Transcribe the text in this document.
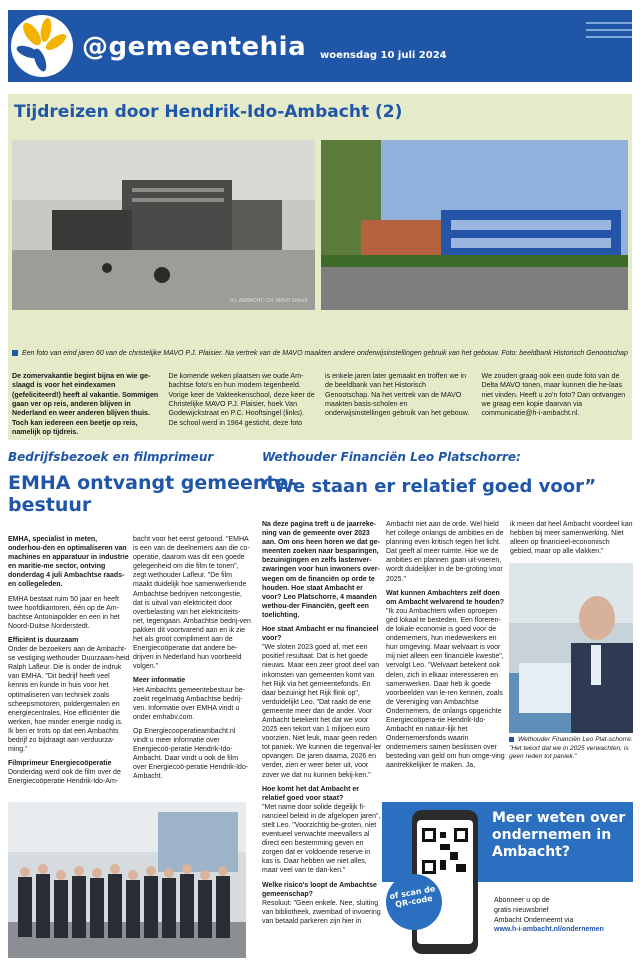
@gemeentehia woensdag 10 juli 2024
Tijdreizen door Hendrik-Ido-Ambacht (2)
H.I. AMBACHT, Chr. MAVO School
Een foto van eind jaren 60 van de christelijke MAVO P.J. Plaisier. Na vertrek van de MAVO maakten andere onderwijsinstellingen gebruik van het gebouw. Foto: beeldbank Historisch Genootschap
De zomervakantie begint bijna en wie ge-slaagd is voor het eindexamen (gefeliciteerd!) heeft al vakantie. Sommigen gaan ver op reis, anderen blijven in Nederland en weer anderen blijven thuis. Toch kan iedereen een beetje op reis, namelijk op tijdreis.
De komende weken plaatsen we oude Am-bachtse foto's en hun modern tegenbeeld. Vorige keer de Vakteekenschool, deze keer de Christelijke MAVO P.J. Plaisier, hoek Van Godewijckstraat en P.C. Hooftsingel (links). De school werd in 1964 gesticht, deze foto
is enkele jaren later gemaakt en troffen we in de beeldbank van het Historisch Genootschap. Na het vertrek van de MAVO maakten basis-scholen en onderwijsinstellingen gebruik van het gebouw.
We zouden graag ook een oude foto van de Delta MAVO tonen, maar kunnen die he-laas niet vinden. Heeft u zo'n foto? Dan ontvangen we graag een kopie daarvan via communicatie@h-i-ambacht.nl.
Bedrijfsbezoek en filmprimeur
EMHA ontvangt gemeente-
bestuur

EMHA, specialist in meten, onderhou-den en optimaliseren van machines en apparatuur in industrie en maritie-me sector, ontving donderdag 4 juli Ambachtse raads- en collegeleden.

EMHA bestaat ruim 50 jaar en heeft twee hoofdkantoren, één op de Am-bachtse Antoniapolder en een in het Noord-Duitse Norderstedt.

Efficiënt is duurzaam

Onder de bezoekers aan de Ambacht-se vestiging wethouder Duurzaam-heid Ralph Lafleur. Die is onder de indruk van EMHA. "Dit bedrijf heeft veel kennis en kunde in huis voor het optimaliseren van techniek zoals scheepsmotoren, poldergemalen en energiecentrales. Hoe efficiënter die werken, hoe minder energie nodig is. Ik ben er trots op dat een Ambachts bedrijf zo bijdraagt aan verduurza-ming."

Filmprimeur Energiecoöperatie

Donderdag werd ook de film over de Energiecoöperatie Hendrik-Ido-Am-

bacht voor het eerst getoond. "EMHA is een van de deelnemers aan die co-operatie, daarom was dit een goede gelegenheid om die film te tonen", zegt wethouder Lafleur. "De film maakt duidelijk hoe samenwerkende Ambachtse bedrijven netcongestie, dat is uitval van elektriciteit door overbelasting van het elektriciteits-net, tegengaan. Ambachtse bedrij-ven pakken dit voortvarend aan en ik zie het als groot compliment aan de Energiecoöperatie dat andere be-drijven in Nederland hun voorbeeld volgen."

Meer informatie

Het Ambachts gemeentebestuur be-zoekt regelmatig Ambachtse bedrij-ven. Informatie over EMHA vindt u onder emhabv.com.

Op Energiecooperatieambacht.nl vindt u meer informatie over Energiecoö-peratie Hendrik-Ido-Ambacht. Daar vindt u ook de film over Energiecoö-peratie Hendrik-Ido-Ambacht.

Wethouder Financiën Leo Platschorre:
“We staan er relatief goed voor”

Na deze pagina treft u de jaarreke-ning van de gemeente over 2023 aan. Om ons heen horen we dat ge-meenten zoeken naar besparingen, bezuinigingen en zelfs lastenver-zwaringen voor hun inwoners over-wegen om de financiën op orde te houden. Hoe staat Ambacht er voor? Leo Platschorre, 4 maanden wethou-der Financiën, geeft een toelichting.

Hoe staat Ambacht er nu financieel voor?

"We sloten 2023 goed af, met een positief resultaat. Dat is het goede nieuws. Maar een zeer groot deel van inkomsten van gemeenten komt van het Rijk via het gemeentefonds. En daar bezuinigt het Rijk flink op", verduidelijkt Leo. "Dat raakt de ene gemeente meer dan de ander. Voor Ambacht betekent het dat we voor 2025 een tekort van 1 miljoen euro voorzien. Niet leuk, maar geen reden tot paniek. We kunnen die tegenval-ler opvangen. De jaren daarna, 2026 en verder, zien er weer beter uit, voor zover we dat nu kunnen bekij-ken."

Hoe komt het dat Ambacht er relatief goed voor staat?

"Met name door solide degelijk fi-nancieel beleid in de afgelopen jaren", stelt Leo. "Voorzichtig be-groten, niet eventueel verwachte meevallers al direct een bestemming geven en zorgen dat er voldoende reserve in kas is. Daar hebben we niet alles, maar veel van te dan-ken."

Welke risico's loopt de Ambachtse gemeenschap?

Resoluut: "Geen enkele. Nee, sluiting van bibliotheek, zwembad of invoering van betaald parkeren zijn hier in

Ambacht niet aan de orde. Wel hield het college onlangs de ambities en de planning even kritisch tegen het licht. Dat geeft al meer ruimte. Hoe we de ambities en plannen gaan uit-voeren, wordt duidelijker in de be-groting voor 2025."

Wat kunnen Ambachters zelf doen om Ambacht welvarend te houden?

"Ik zou Ambachters willen oproepen gèd lokaal te besteden. Een floreren-de lokale economie is goed voor de ondernemers, hun medewerkers en hun omgeving. Maar welvaart is voor mij niet alleen een financiële kwestie", vervolgt Leo. "Welvaart betekent ook delen, zich in elkaar interesseren en samenwerken. Daar heb ik goede voorbeelden van le-ren kennen, zoals de Vereniging van Ambachtse Ondernemers, de onlangs opgerichte Energiecoöpera-tie Hendrik-Ido-Ambacht en natuur-lijk het Ondernemersfonds waarin ondernemers samen beslissen over besteding van geld om hun omge-ving aantrekkelijker te maken. Ja,

ik meen dat heel Ambacht voordeel kan hebben bij meer samenwerking. Niet alleen op financieel-economisch gebied, maar op alle vlakken."

Wethouder Financiën Leo Plat-schorre: "Het tekort dat we in 2025 verwachten, is geen reden tot paniek."
Meer weten over ondernemen in Ambacht?
of scan de QR-code	Abonneer u op de
gratis nieuwsbrief
Ambacht Onderneemt via
www.h-i-ambacht.nl/ondernemen
